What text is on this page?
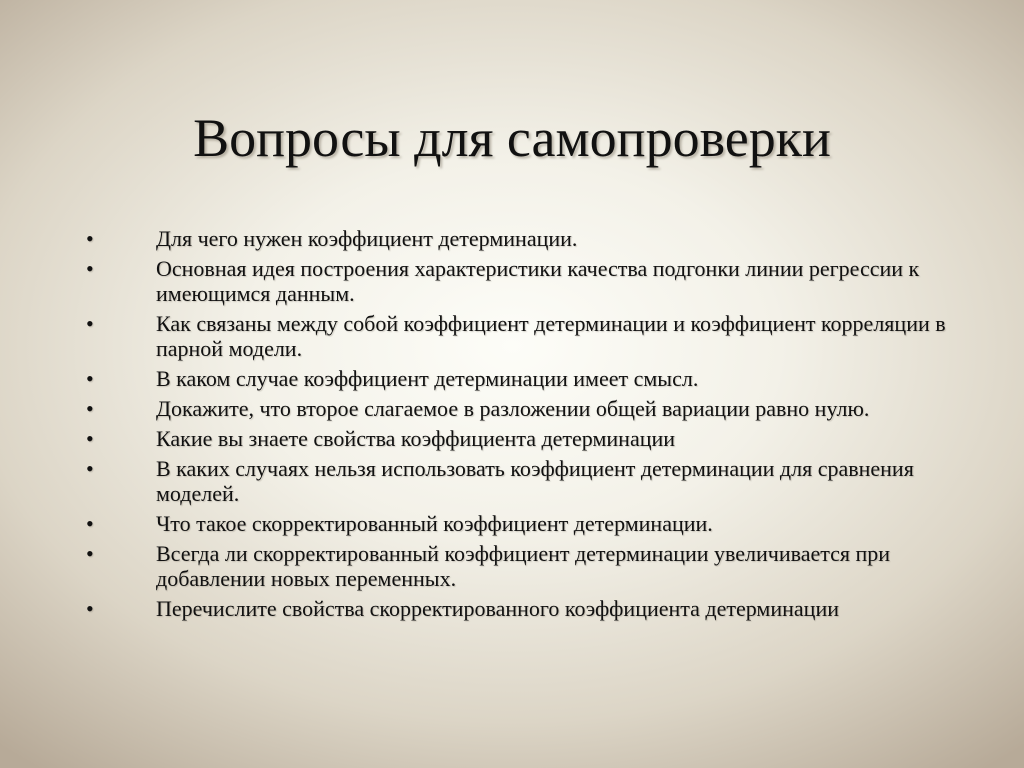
Вопросы для самопроверки
•	Для чего нужен коэффициент детерминации.
•	Основная идея построения характеристики качества подгонки линии регрессии к имеющимся данным.
•	Как связаны между собой коэффициент детерминации и коэффициент корреляции в парной модели.
•	В каком случае коэффициент детерминации имеет смысл.
•	Докажите, что второе слагаемое в разложении общей вариации равно нулю.
•	Какие вы знаете свойства коэффициента детерминации
•	В каких случаях нельзя использовать коэффициент детерминации для сравнения моделей.
•	Что такое скорректированный коэффициент детерминации.
•	Всегда ли скорректированный коэффициент детерминации увеличивается при добавлении новых переменных.
•	Перечислите свойства скорректированного коэффициента детерминации
